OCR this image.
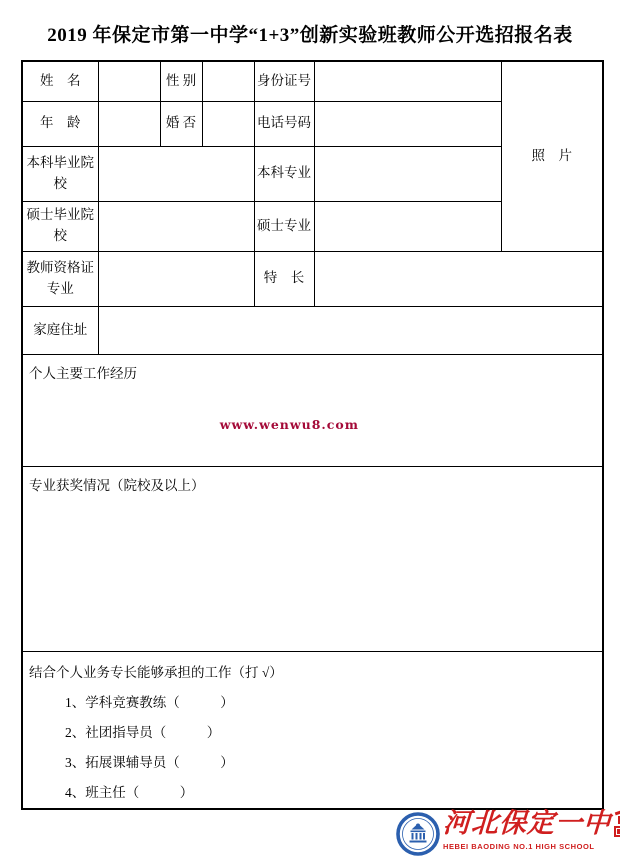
2019 年保定市第一中学“1+3”创新实验班教师公开选招报名表
姓　名		性 别		身份证号		照　片
年　龄		婚 否		电话号码		
本科毕业院校				本科专业		
硕士毕业院校				硕士专业		
教师资格证专业				特　长		
家庭住址						

个人主要工作经历
www.wenwu8.com						

专业获奖情况（院校及以上）						

结合个人业务专长能够承担的工作（打 √）
1、学科竞赛教练（　　　）
2、社团指导员（　　　）
3、拓展课辅导员（　　　）
4、班主任（　　　）						
河北保定一中
HEBEI BAODING NO.1 HIGH SCHOOL
